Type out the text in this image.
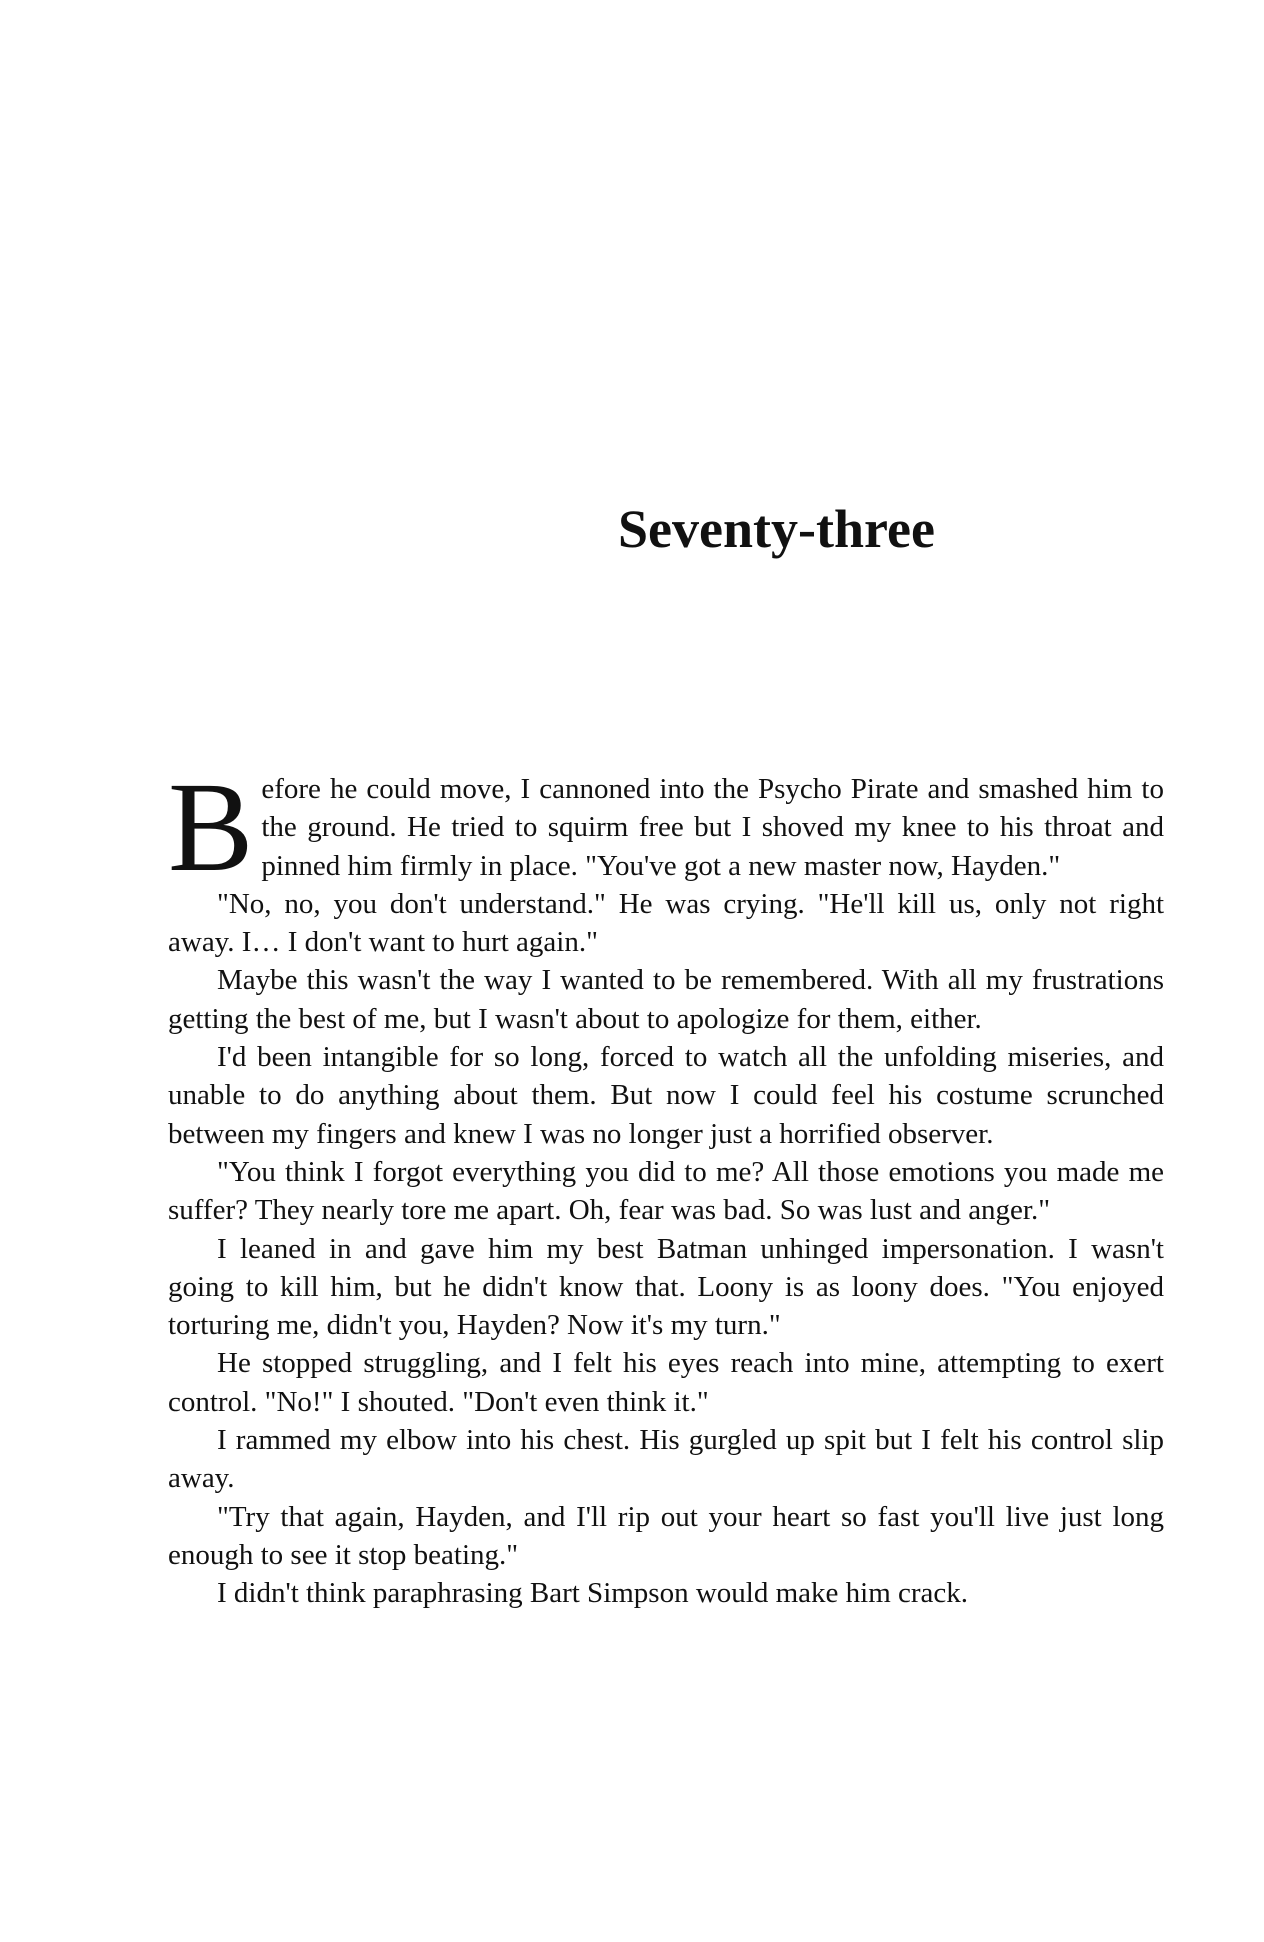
Seventy-three

Before he could move, I cannoned into the Psycho Pirate and smashed him to the ground. He tried to squirm free but I shoved my knee to his throat and pinned him firmly in place. "You've got a new master now, Hayden."

"No, no, you don't understand." He was crying. "He'll kill us, only not right away. I… I don't want to hurt again."

Maybe this wasn't the way I wanted to be remembered. With all my frustrations getting the best of me, but I wasn't about to apologize for them, either.

I'd been intangible for so long, forced to watch all the unfolding miseries, and unable to do anything about them. But now I could feel his costume scrunched between my fingers and knew I was no longer just a horrified observer.

"You think I forgot everything you did to me? All those emotions you made me suffer? They nearly tore me apart. Oh, fear was bad. So was lust and anger."

I leaned in and gave him my best Batman unhinged impersonation. I wasn't going to kill him, but he didn't know that. Loony is as loony does. "You enjoyed torturing me, didn't you, Hayden? Now it's my turn."

He stopped struggling, and I felt his eyes reach into mine, attempting to exert control. "No!" I shouted. "Don't even think it."

I rammed my elbow into his chest. His gurgled up spit but I felt his control slip away.

"Try that again, Hayden, and I'll rip out your heart so fast you'll live just long enough to see it stop beating."

I didn't think paraphrasing Bart Simpson would make him crack.
